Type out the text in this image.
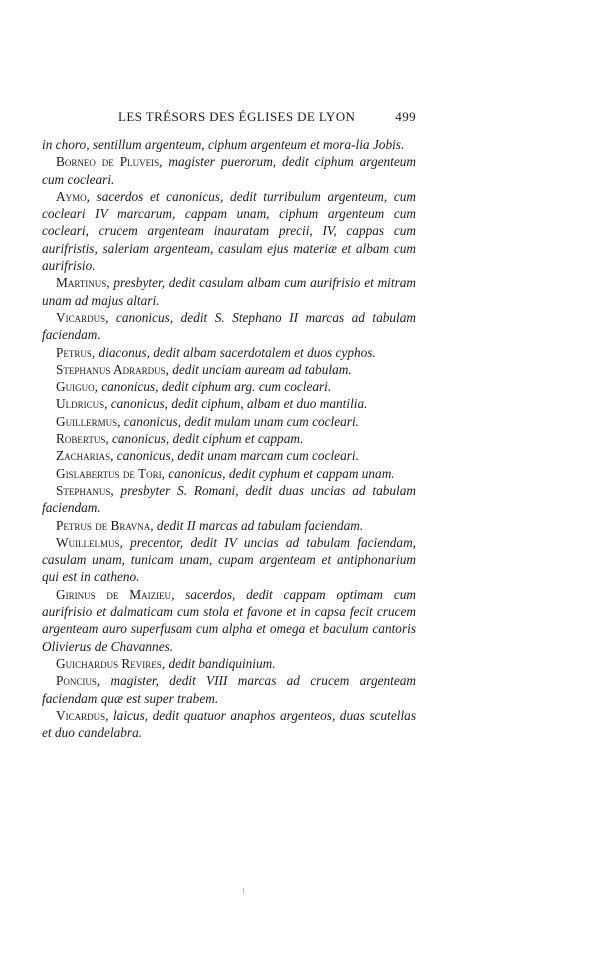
LES TRÉSORS DES ÉGLISES DE LYON	499

in choro, sentillum argenteum, ciphum argenteum et mora-lia Jobis.

Borneo de Pluveis, magister puerorum, dedit ciphum argenteum cum cocleari.

Aymo, sacerdos et canonicus, dedit turribulum argenteum, cum cocleari IV marcarum, cappam unam, ciphum argenteum cum cocleari, crucem argenteam inauratam precii, IV, cappas cum aurifristis, saleriam argenteam, casulam ejus materiæ et albam cum aurifrisio.

Martinus, presbyter, dedit casulam albam cum aurifrisio et mitram unam ad majus altari.

Vicardus, canonicus, dedit S. Stephano II marcas ad tabulam faciendam.

Petrus, diaconus, dedit albam sacerdotalem et duos cyphos.

Stephanus Adrardus, dedit unciam auream ad tabulam.

Guiguo, canonicus, dedit ciphum arg. cum cocleari.

Uldricus, canonicus, dedit ciphum, albam et duo mantilia.

Guillermus, canonicus, dedit mulam unam cum cocleari.

Robertus, canonicus, dedit ciphum et cappam.

Zacharias, canonicus, dedit unam marcam cum cocleari.

Gislabertus de Tori, canonicus, dedit cyphum et cappam unam.

Stephanus, presbyter S. Romani, dedit duas uncias ad tabulam faciendam.

Petrus de Bravna, dedit II marcas ad tabulam faciendam.

Wuillelmus, precentor, dedit IV uncias ad tabulam faciendam, casulam unam, tunicam unam, cupam argenteam et antiphonarium qui est in catheno.

Girinus de Maizieu, sacerdos, dedit cappam optimam cum aurifrisio et dalmaticam cum stola et favone et in capsa fecit crucem argenteam auro superfusam cum alpha et omega et baculum cantoris Olivierus de Chavannes.

Guichardus Revires, dedit bandiquinium.

Poncius, magister, dedit VIII marcas ad crucem argenteam faciendam quæ est super trabem.

Vicardus, laicus, dedit quatuor anaphos argenteos, duas scutellas et duo candelabra.
